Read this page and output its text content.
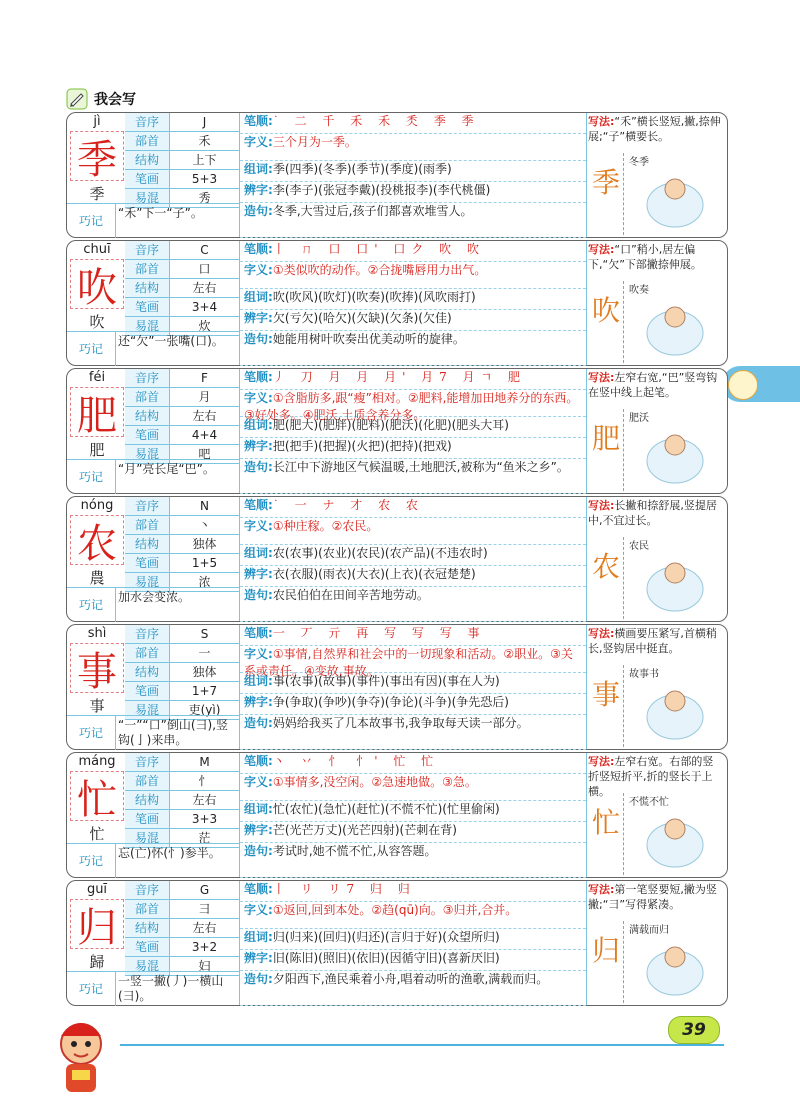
我会写
jì
季
季
音序	J
部首	禾
结构	上下
笔画	5+3
易混	秀
巧记
“禾”下一“子”。
笔顺:˙ ⼆ 千 禾 禾 秂 季 季
字义:三个月为一季。
组词:季(四季)(冬季)(季节)(季度)(雨季)
辨字:李(李子)(张冠李戴)(投桃报李)(李代桃僵)
造句:冬季,大雪过后,孩子们都喜欢堆雪人。
写法:“禾”横长竖短,撇,捺伸展;“子”横要长。
季
冬季
chuī
吹
吹
音序	C
部首	口
结构	左右
笔画	3+4
易混	炊
巧记
还“欠”一张嘴(口)。
笔顺:丨 ㄇ 口 口' 口ク 吹 吹
字义:①类似吹的动作。②合拢嘴唇用力出气。
组词:吹(吹风)(吹灯)(吹奏)(吹捧)(风吹雨打)
辨字:欠(亏欠)(哈欠)(欠缺)(欠条)(欠佳)
造句:她能用树叶吹奏出优美动听的旋律。
写法:“口”稍小,居左偏下,“欠”下部撇捺伸展。
吹
吹奏
féi
肥
肥
音序	F
部首	月
结构	左右
笔画	4+4
易混	吧
巧记
“月”亮长尾“巴”。
笔顺:丿 刀 月 月 月' 月7 月ㄱ 肥
字义:①含脂肪多,跟“瘦”相对。②肥料,能增加田地养分的东西。③好处多。④肥沃,土质含养分多。
组词:肥(肥大)(肥胖)(肥料)(肥沃)(化肥)(肥头大耳)
辨字:把(把手)(把握)(火把)(把持)(把戏)
造句:长江中下游地区气候温暖,土地肥沃,被称为“鱼米之乡”。
写法:左窄右宽,“巴”竖弯钩在竖中线上起笔。
肥
肥沃
nóng
农
農
音序	N
部首	丶
结构	独体
笔画	1+5
易混	浓
巧记
加水会变浓。
笔顺:˙ ⼀ ナ 才 农 农
字义:①种庄稼。②农民。
组词:农(农事)(农业)(农民)(农产品)(不违农时)
辨字:衣(衣服)(雨衣)(大衣)(上衣)(衣冠楚楚)
造句:农民伯伯在田间辛苦地劳动。
写法:长撇和捺舒展,竖提居中,不宜过长。
农
农民
shì
事
事
音序	S
部首	一
结构	独体
笔画	1+7
易混	吏(yì)
巧记
“一”“口”倒山(⺕),竖钩(亅)来串。
笔顺:⼀ 丆 亓 再 写 写 写 事
字义:①事情,自然界和社会中的一切现象和活动。②职业。③关系或责任。④变故,事故。
组词:事(农事)(故事)(事件)(事出有因)(事在人为)
辨字:争(争取)(争吵)(争夺)(争论)(斗争)(争先恐后)
造句:妈妈给我买了几本故事书,我争取每天读一部分。
写法:横画要压紧写,首横稍长,竖钩居中挺直。
事
故事书
máng
忙
忙
音序	M
部首	忄
结构	左右
笔画	3+3
易混	茫
巧记
忘(亡)怀(忄)参半。
笔顺:丶 丷 忄 忄' 忙 忙
字义:①事情多,没空闲。②急速地做。③急。
组词:忙(农忙)(急忙)(赶忙)(不慌不忙)(忙里偷闲)
辨字:芒(光芒万丈)(光芒四射)(芒刺在背)
造句:考试时,她不慌不忙,从容答题。
写法:左窄右宽。右部的竖折竖短折平,折的竖长于上横。
忙
不慌不忙
guī
归
歸
音序	G
部首	彐
结构	左右
笔画	3+2
易混	妇
巧记
一竖一撇(丿)一横山(彐)。
笔顺:丨 リ リ7 归 归
字义:①返回,回到本处。②趋(qū)向。③归并,合并。
组词:归(归来)(回归)(归还)(言归于好)(众望所归)
辨字:旧(陈旧)(照旧)(依旧)(因循守旧)(喜新厌旧)
造句:夕阳西下,渔民乘着小舟,唱着动听的渔歌,满载而归。
写法:第一笔竖要短,撇为竖撇;“彐”写得紧凑。
归
满载而归
39
